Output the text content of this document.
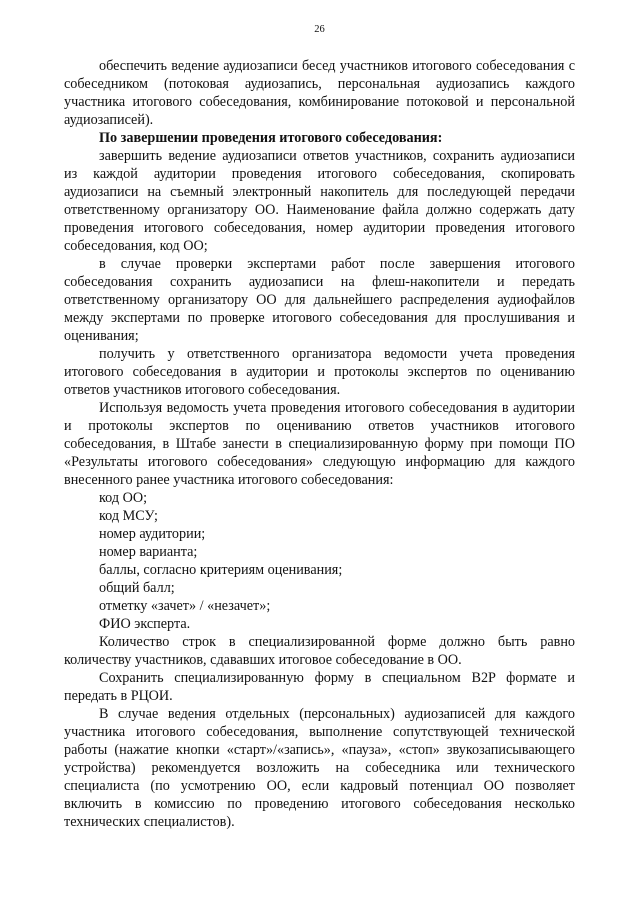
26

обеспечить ведение аудиозаписи бесед участников итогового собеседования с собеседником (потоковая аудиозапись, персональная аудиозапись каждого участника итогового собеседования, комбинирование потоковой и персональной аудиозаписей).

По завершении проведения итогового собеседования:

завершить ведение аудиозаписи ответов участников, сохранить аудиозаписи из каждой аудитории проведения итогового собеседования, скопировать аудиозаписи на съемный электронный накопитель для последующей передачи ответственному организатору ОО. Наименование файла должно содержать дату проведения итогового собеседования, номер аудитории проведения итогового собеседования, код ОО;

в случае проверки экспертами работ после завершения итогового собеседования сохранить аудиозаписи на флеш-накопители и передать ответственному организатору ОО для дальнейшего распределения аудиофайлов между экспертами по проверке итогового собеседования для прослушивания и оценивания;

получить у ответственного организатора ведомости учета проведения итогового собеседования в аудитории и протоколы экспертов по оцениванию ответов участников итогового собеседования.

Используя ведомость учета проведения итогового собеседования в аудитории и протоколы экспертов по оцениванию ответов участников итогового собеседования, в Штабе занести в специализированную форму при помощи ПО «Результаты итогового собеседования» следующую информацию для каждого внесенного ранее участника итогового собеседования:

код ОО;

код МСУ;

номер аудитории;

номер варианта;

баллы, согласно критериям оценивания;

общий балл;

отметку «зачет» / «незачет»;

ФИО эксперта.

Количество строк в специализированной форме должно быть равно количеству участников, сдававших итоговое собеседование в ОО.

Сохранить специализированную форму в специальном B2P формате и передать в РЦОИ.

В случае ведения отдельных (персональных) аудиозаписей для каждого участника итогового собеседования, выполнение сопутствующей технической работы (нажатие кнопки «старт»/«запись», «пауза», «стоп» звукозаписывающего устройства) рекомендуется возложить на собеседника или технического специалиста (по усмотрению ОО, если кадровый потенциал ОО позволяет включить в комиссию по проведению итогового собеседования несколько технических специалистов).
